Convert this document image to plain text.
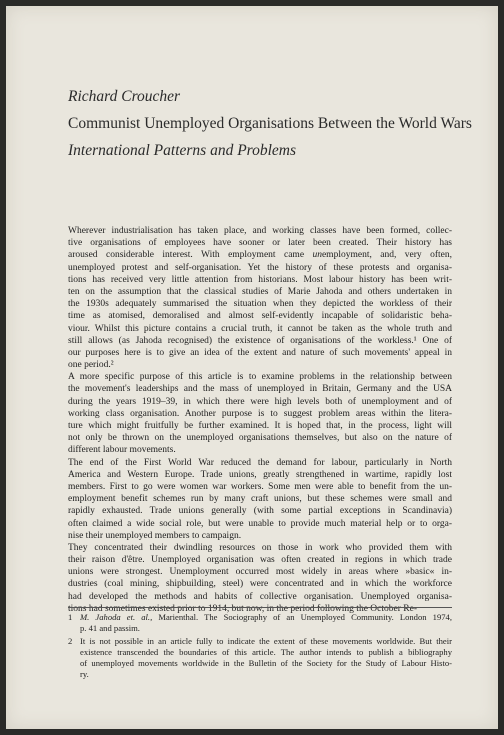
Richard Croucher
Communist Unemployed Organisations Between the World Wars
International Patterns and Problems
Wherever industrialisation has taken place, and working classes have been formed, collec-
tive organisations of employees have sooner or later been created. Their history has
aroused considerable interest. With employment came unemployment, and, very often,
unemployed protest and self-organisation. Yet the history of these protests and organisa-
tions has received very little attention from historians. Most labour history has been writ-
ten on the assumption that the classical studies of Marie Jahoda and others undertaken in
the 1930s adequately summarised the situation when they depicted the workless of their
time as atomised, demoralised and almost self-evidently incapable of solidaristic beha-
viour. Whilst this picture contains a crucial truth, it cannot be taken as the whole truth and
still allows (as Jahoda recognised) the existence of organisations of the workless.¹ One of
our purposes here is to give an idea of the extent and nature of such movements' appeal in
one period.²
A more specific purpose of this article is to examine problems in the relationship between
the movement's leaderships and the mass of unemployed in Britain, Germany and the USA
during the years 1919–39, in which there were high levels both of unemployment and of
working class organisation. Another purpose is to suggest problem areas within the litera-
ture which might fruitfully be further examined. It is hoped that, in the process, light will
not only be thrown on the unemployed organisations themselves, but also on the nature of
different labour movements.
The end of the First World War reduced the demand for labour, particularly in North
America and Western Europe. Trade unions, greatly strengthened in wartime, rapidly lost
members. First to go were women war workers. Some men were able to benefit from the un-
employment benefit schemes run by many craft unions, but these schemes were small and
rapidly exhausted. Trade unions generally (with some partial exceptions in Scandinavia)
often claimed a wide social role, but were unable to provide much material help or to orga-
nise their unemployed members to campaign.
They concentrated their dwindling resources on those in work who provided them with
their raison d'être. Unemployed organisation was often created in regions in which trade
unions were strongest. Unemployment occurred most widely in areas where »basic« in-
dustries (coal mining, shipbuilding, steel) were concentrated and in which the workforce
had developed the methods and habits of collective organisation. Unemployed organisa-
tions had sometimes existed prior to 1914, but now, in the period following the October Re-
1 M. Jahoda et. al., Marienthal. The Sociography of an Unemployed Community. London 1974,
p. 41 and passim.
2 It is not possible in an article fully to indicate the extent of these movements worldwide. But their
existence transcended the boundaries of this article. The author intends to publish a bibliography
of unemployed movements worldwide in the Bulletin of the Society for the Study of Labour Histo-
ry.
